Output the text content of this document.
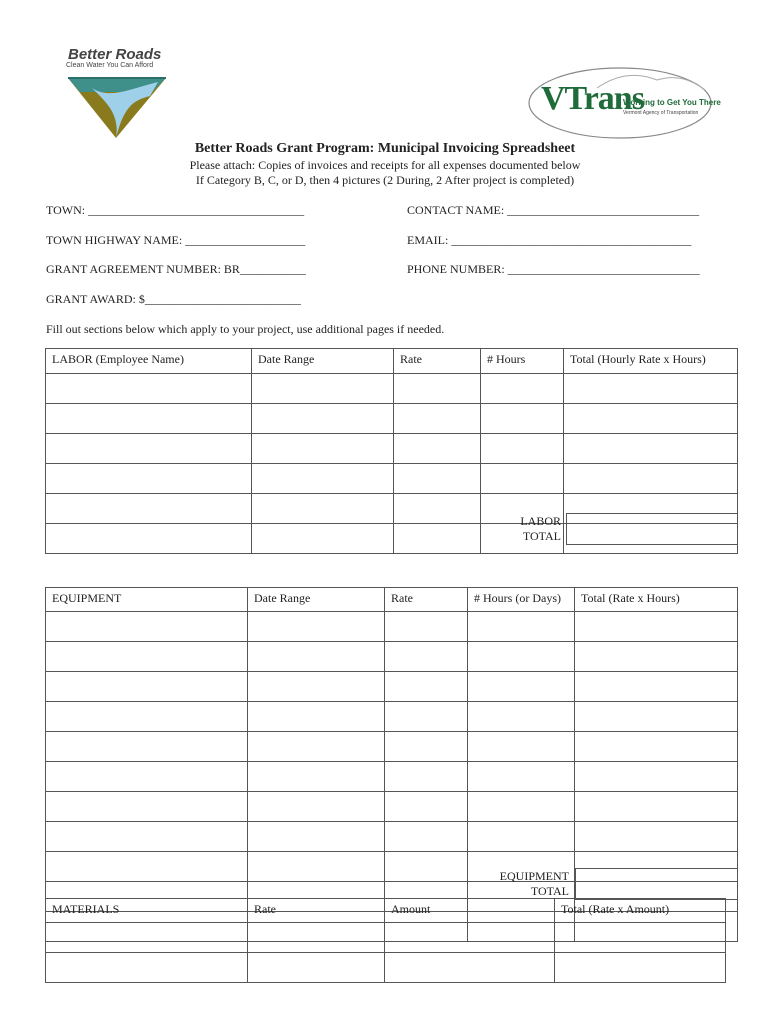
Better Roads
Clean Water You Can Afford
VTrans
Working to Get You There
Vermont Agency of Transportation
Better Roads Grant Program: Municipal Invoicing Spreadsheet
Please attach: Copies of invoices and receipts for all expenses documented below
If Category B, C, or D, then 4 pictures (2 During, 2 After project is completed)
TOWN: ____________________________________	CONTACT NAME: ________________________________
TOWN HIGHWAY NAME: ____________________	EMAIL: ________________________________________
GRANT AGREEMENT NUMBER: BR___________	PHONE NUMBER: ________________________________
GRANT AWARD: $__________________________
Fill out sections below which apply to your project, use additional pages if needed.
LABOR (Employee Name)	Date Range	Rate	# Hours	Total (Hourly Rate x Hours)

LABOR
TOTAL
EQUIPMENT	Date Range	Rate	# Hours (or Days)	Total (Rate x Hours)

EQUIPMENT
TOTAL
MATERIALS	Rate	Amount	Total (Rate x Amount)
